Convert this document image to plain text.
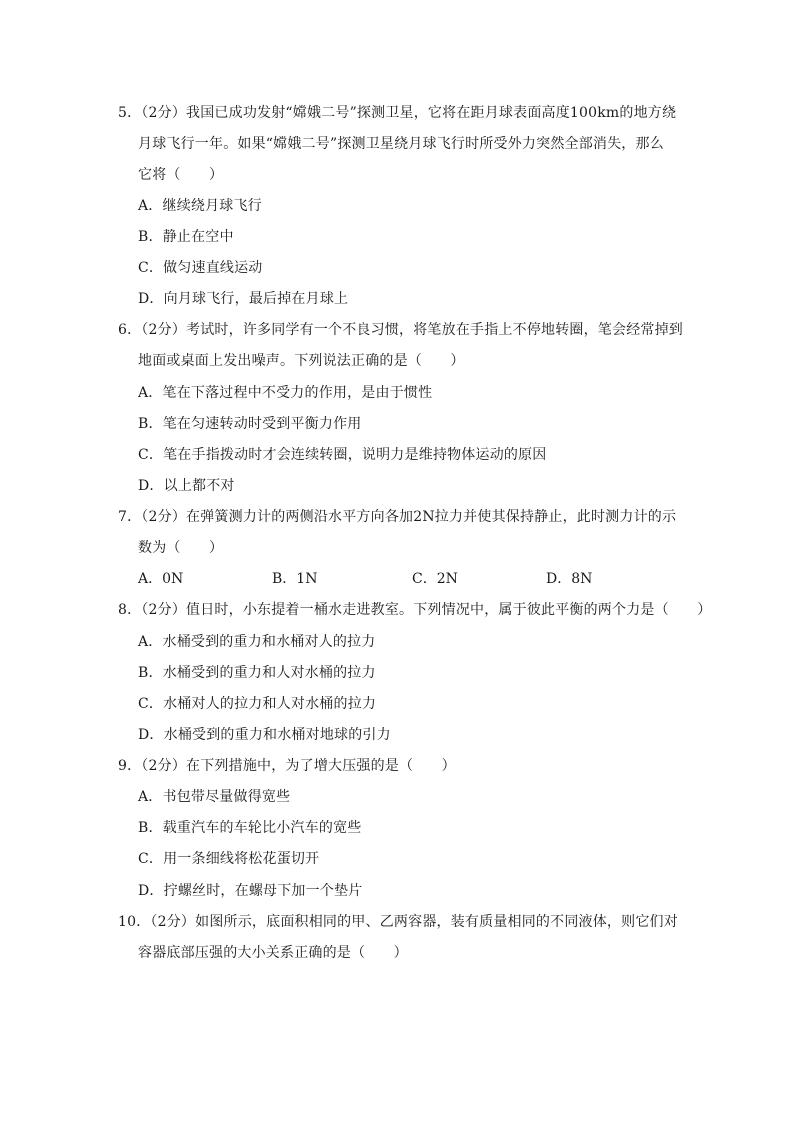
5．（2分）我国已成功发射“嫦娥二号”探测卫星，它将在距月球表面高度100km的地方绕
月球飞行一年。如果“嫦娥二号”探测卫星绕月球飞行时所受外力突然全部消失，那么
它将（　　）
A．继续绕月球飞行
B．静止在空中
C．做匀速直线运动
D．向月球飞行，最后掉在月球上
6．（2分）考试时，许多同学有一个不良习惯，将笔放在手指上不停地转圈，笔会经常掉到
地面或桌面上发出噪声。下列说法正确的是（　　）
A．笔在下落过程中不受力的作用，是由于惯性
B．笔在匀速转动时受到平衡力作用
C．笔在手指拨动时才会连续转圈，说明力是维持物体运动的原因
D．以上都不对
7．（2分）在弹簧测力计的两侧沿水平方向各加2N拉力并使其保持静止，此时测力计的示
数为（　　）
A．0N	B．1N	C．2N	D．8N
8．（2分）值日时，小东提着一桶水走进教室。下列情况中，属于彼此平衡的两个力是（　　）
A．水桶受到的重力和水桶对人的拉力
B．水桶受到的重力和人对水桶的拉力
C．水桶对人的拉力和人对水桶的拉力
D．水桶受到的重力和水桶对地球的引力
9．（2分）在下列措施中，为了增大压强的是（　　）
A．书包带尽量做得宽些
B．载重汽车的车轮比小汽车的宽些
C．用一条细线将松花蛋切开
D．拧螺丝时，在螺母下加一个垫片
10．（2分）如图所示，底面积相同的甲、乙两容器，装有质量相同的不同液体，则它们对
容器底部压强的大小关系正确的是（　　）
